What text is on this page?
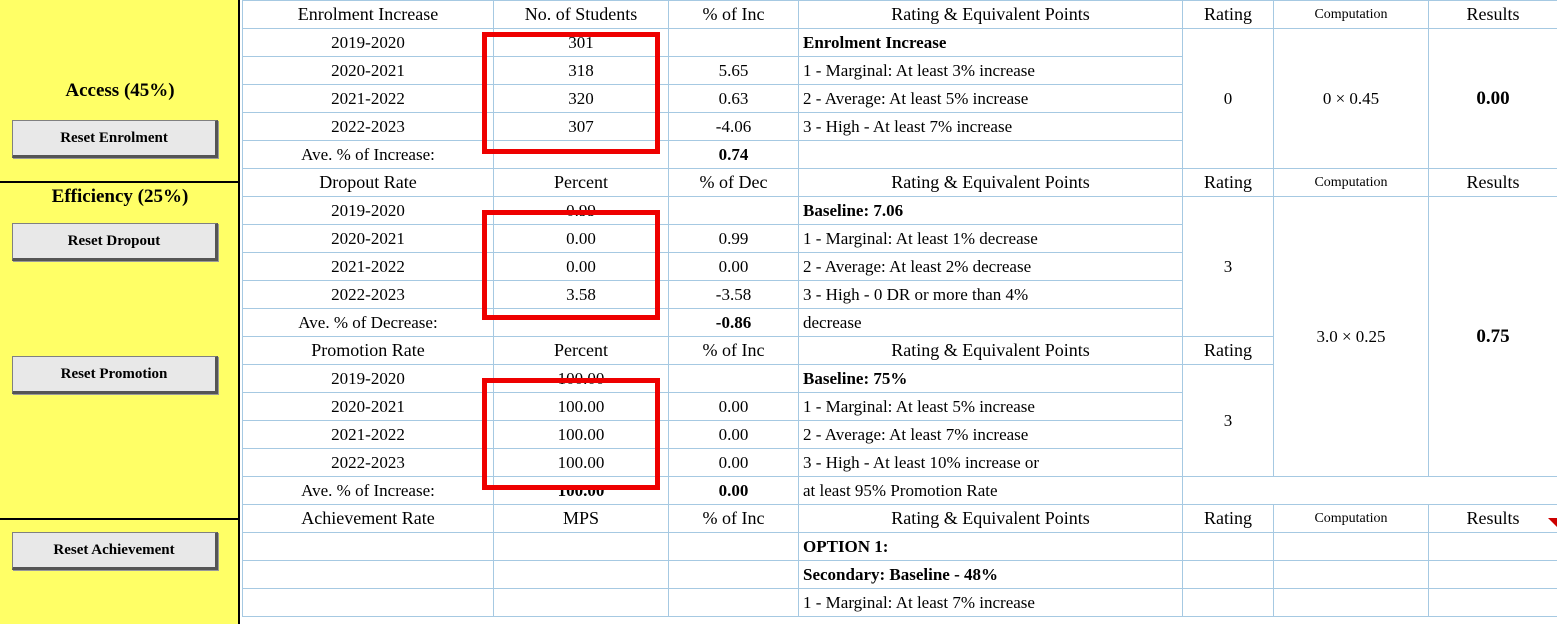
Access (45%)
Reset Enrolment
Efficiency (25%)
Reset Dropout
Reset Promotion
Reset Achievement
Enrolment Increase	No. of Students	% of Inc	Rating & Equivalent Points	Rating	Computation	Results
2019-2020	301		Enrolment Increase	0	0 × 0.45	0.00
2020-2021	318	5.65	1 - Marginal: At least 3% increase			
2021-2022	320	0.63	2 - Average: At least 5% increase			
2022-2023	307	-4.06	3 - High - At least 7% increase			
Ave. % of Increase:		0.74				
Dropout Rate	Percent	% of Dec	Rating & Equivalent Points	Rating	Computation	Results
2019-2020	0.99		Baseline: 7.06	3	3.0 × 0.25	0.75
2020-2021	0.00	0.99	1 - Marginal: At least 1% decrease			
2021-2022	0.00	0.00	2 - Average: At least 2% decrease			
2022-2023	3.58	-3.58	3 - High - 0 DR or more than 4%			
Ave. % of Decrease:		-0.86	decrease			
Promotion Rate	Percent	% of Inc	Rating & Equivalent Points	Rating		
2019-2020	100.00		Baseline: 75%	3		
2020-2021	100.00	0.00	1 - Marginal: At least 5% increase			
2021-2022	100.00	0.00	2 - Average: At least 7% increase			
2022-2023	100.00	0.00	3 - High - At least 10% increase or			
Ave. % of Increase:	100.00	0.00	at least 95% Promotion Rate			
Achievement Rate	MPS	% of Inc	Rating & Equivalent Points	Rating	Computation	Results
			OPTION 1:			
			Secondary: Baseline - 48%			
			1 - Marginal: At least 7% increase			
